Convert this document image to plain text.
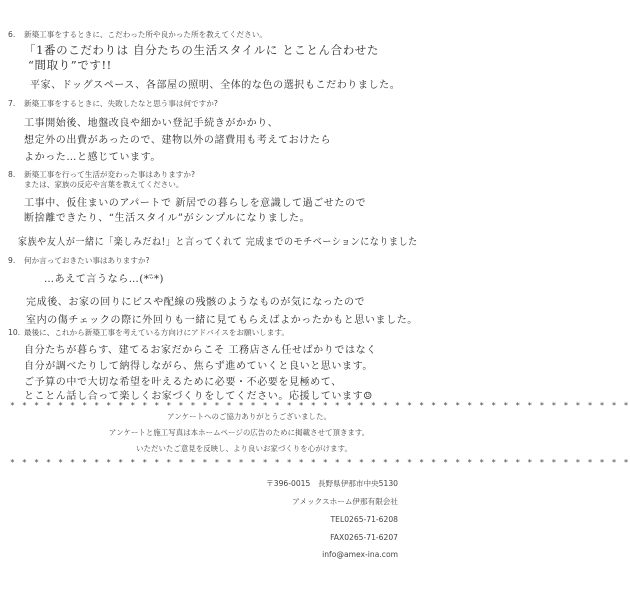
6. 新築工事をするときに、こだわった所や良かった所を教えてください。
「1番のこだわりは 自分たちの生活スタイルに とことん合わせた
“間取り”です!!
平家、ドッグスペース、各部屋の照明、全体的な色の選択もこだわりました。
7. 新築工事をするときに、失敗したなと思う事は何ですか?
工事開始後、地盤改良や細かい登記手続きがかかり、
想定外の出費があったので、建物以外の諸費用も考えておけたら
よかった…と感じています。
8. 新築工事を行って生活が変わった事はありますか?
または、家族の反応や言葉を教えてください。
工事中、仮住まいのアパートで 新居での暮らしを意識して過ごせたので
断捨離できたり、“生活スタイル”がシンプルになりました。
家族や友人が一緒に「楽しみだね!」と言ってくれて 完成までのモチベーションになりました
9. 何か言っておきたい事はありますか?
…あえて言うなら…(*ᵕ̈*)
完成後、お家の回りにビスや配線の残骸のようなものが気になったので
室内の傷チェックの際に外回りも一緒に見てもらえばよかったかもと思いました。
10. 最後に、これから新築工事を考えている方向けにアドバイスをお願いします。
自分たちが暮らす、建てるお家だからこそ 工務店さん任せばかりではなく
自分が調べたりして納得しながら、焦らず進めていくと良いと思います。
ご予算の中で大切な希望を叶えるために必要・不必要を見極めて、
とことん話し合って楽しくお家づくりをしてください。応援しています☺
* * * * * * * * * * * * * * * * * * * * * * * * * * * * * * * * * * * * * * * * * * * * * * * * * * * *
アンケートへのご協力ありがとうございました。
アンケートと施工写真は本ホームページの広告のために掲載させて頂きます。
いただいたご意見を反映し、より良いお家づくりを心がけます。
* * * * * * * * * * * * * * * * * * * * * * * * * * * * * * * * * * * * * * * * * * * * * * * * * * * *
〒396-0015　長野県伊那市中央5130
アメックスホーム伊那有限会社
TEL0265-71-6208
FAX0265-71-6207
info@amex-ina.com
